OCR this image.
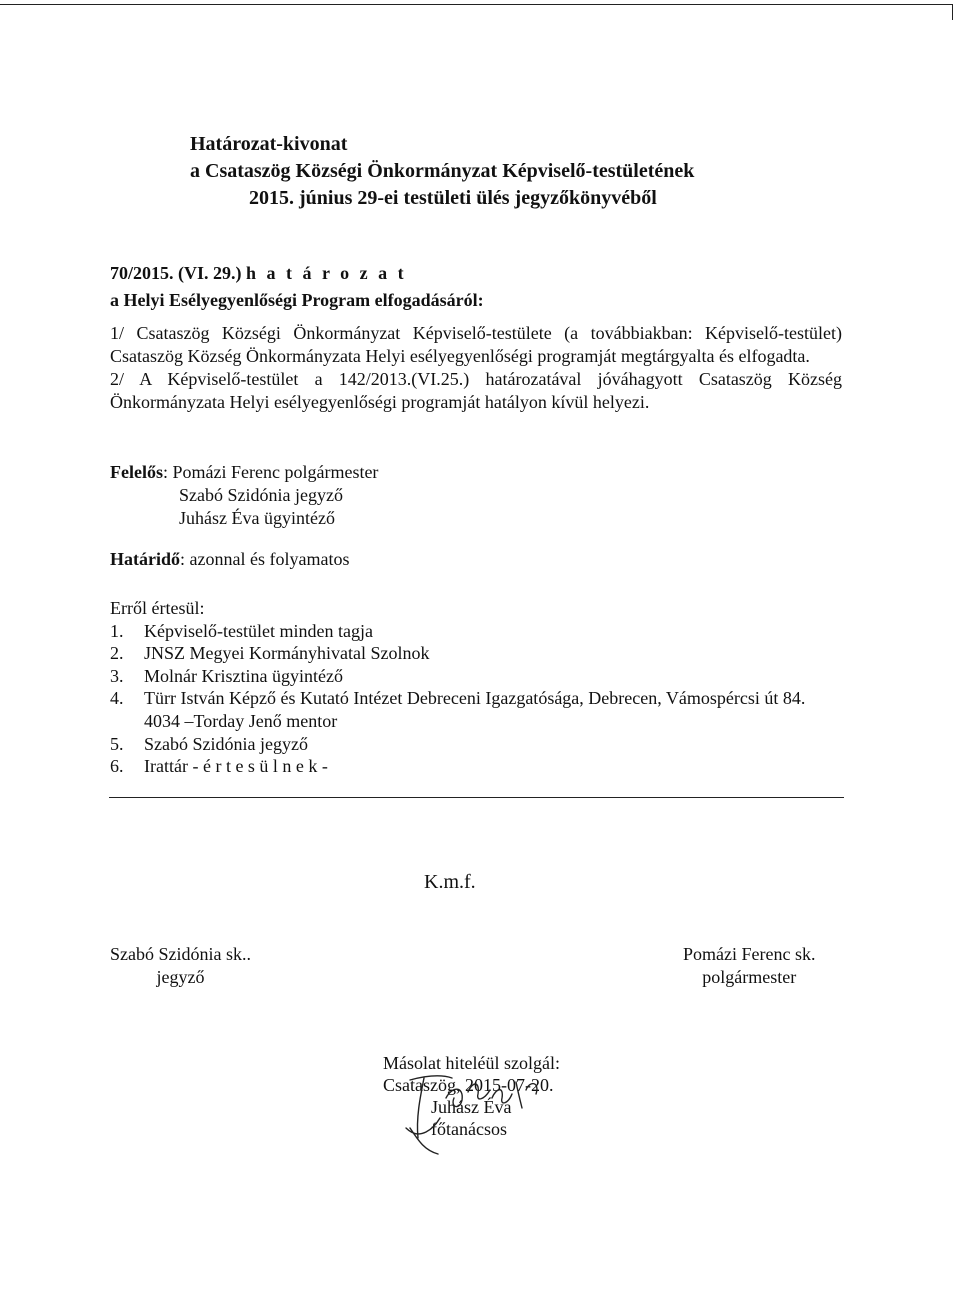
Határozat-kivonat
a Csataszög Községi Önkormányzat Képviselő-testületének
2015. június 29-ei testületi ülés jegyzőkönyvéből
70/2015. (VI. 29.) h a t á r o z a t
a Helyi Esélyegyenlőségi Program elfogadásáról:

1/ Csataszög Községi Önkormányzat Képviselő-testülete (a továbbiakban: Képviselő-testület) Csataszög Község Önkormányzata Helyi esélyegyenlőségi programját megtárgyalta és elfogadta.

2/ A Képviselő-testület a 142/2013.(VI.25.) határozatával jóváhagyott Csataszög Község Önkormányzata Helyi esélyegyenlőségi programját hatályon kívül helyezi.

Felelős: Pomázi Ferenc polgármester
Szabó Szidónia jegyző
Juhász Éva ügyintéző
Határidő: azonnal és folyamatos
Erről értesül:
1.	Képviselő-testület minden tagja
2.	JNSZ Megyei Kormányhivatal Szolnok
3.	Molnár Krisztina ügyintéző
4.	Türr István Képző és Kutató Intézet Debreceni Igazgatósága, Debrecen, Vámospércsi út 84. 4034 –Torday Jenő mentor
5.	Szabó Szidónia jegyző
6.	Irattár - é r t e s ü l n e k -
K.m.f.
Szabó Szidónia sk..
jegyző
Pomázi Ferenc sk.
polgármester
Másolat hiteléül szolgál:
Csataszög, 2015-07-20.
Juhász Éva
főtanácsos
